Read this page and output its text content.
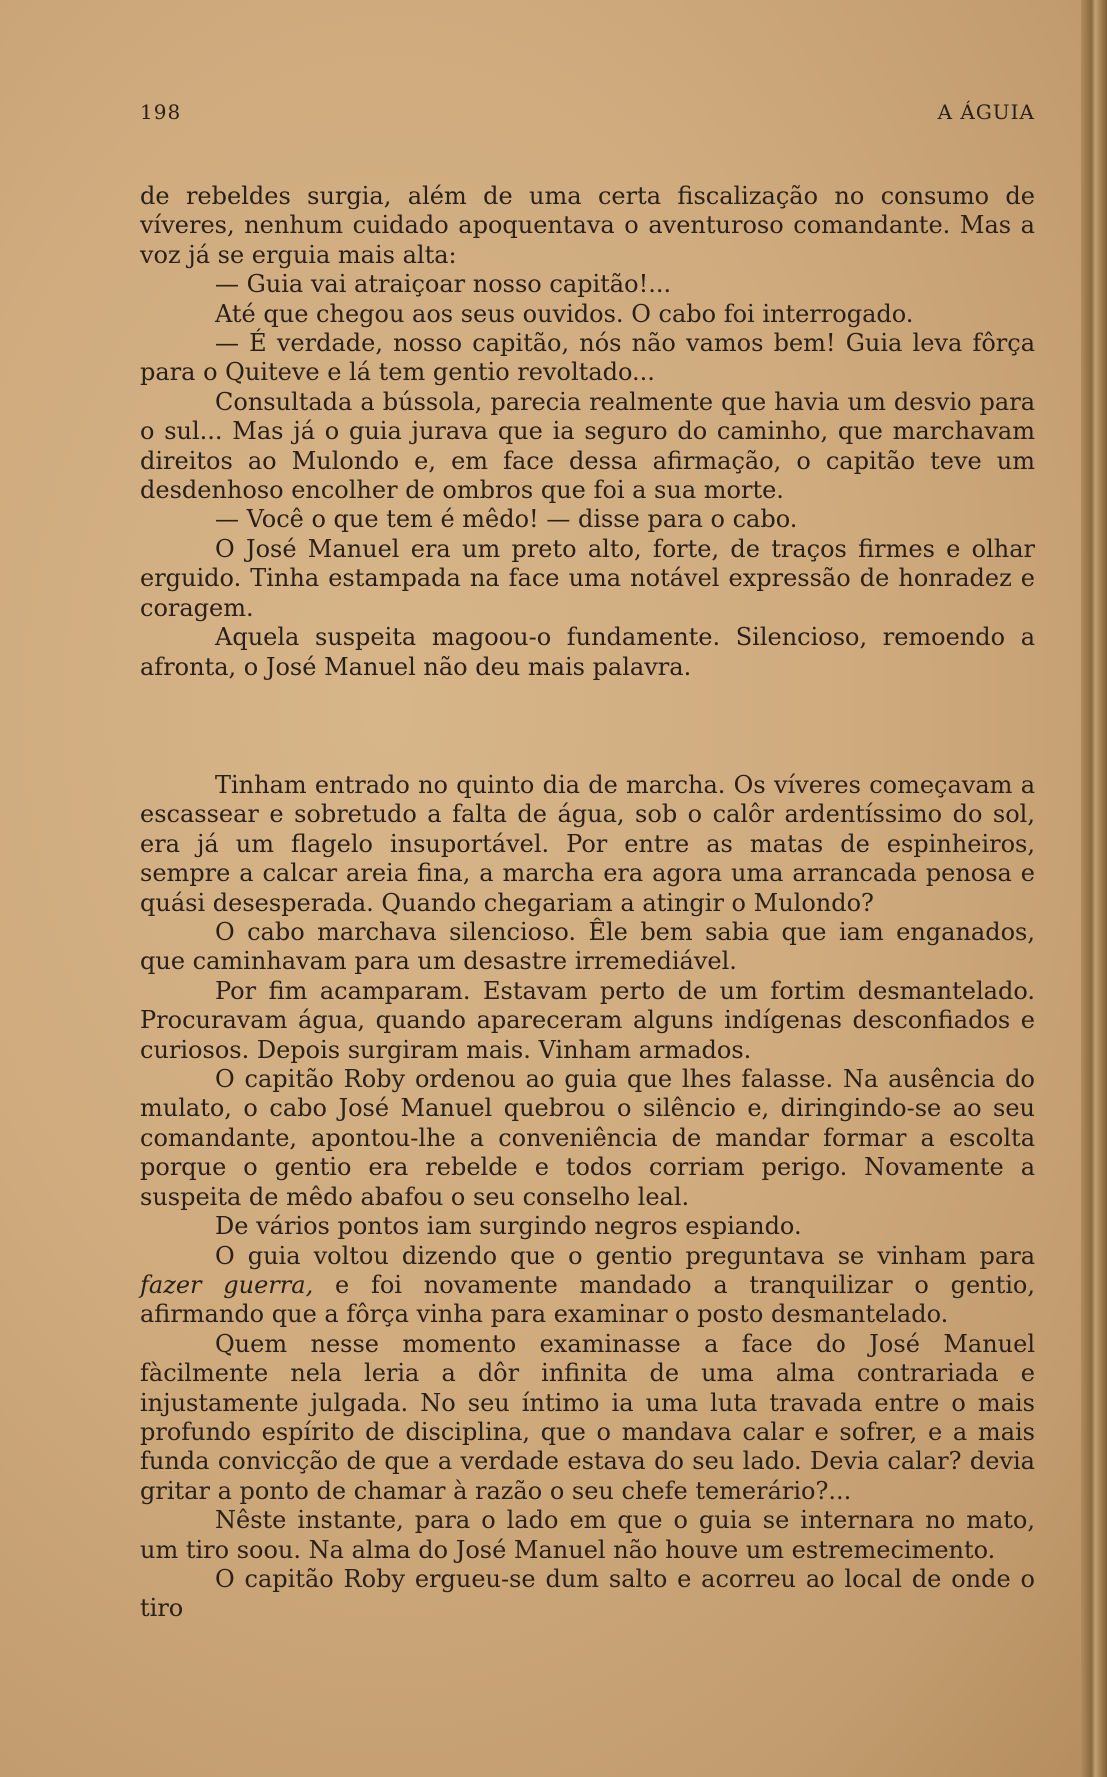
198	A ÁGUIA

de rebeldes surgia, além de uma certa fiscalização no consumo de víveres, nenhum cuidado apoquentava o aventuroso comandante. Mas a voz já se erguia mais alta:

— Guia vai atraiçoar nosso capitão!...

Até que chegou aos seus ouvidos. O cabo foi interrogado.

— É verdade, nosso capitão, nós não vamos bem! Guia leva fôrça para o Quiteve e lá tem gentio revoltado...

Consultada a bússola, parecia realmente que havia um desvio para o sul... Mas já o guia jurava que ia seguro do caminho, que marchavam direitos ao Mulondo e, em face dessa afirmação, o capitão teve um desdenhoso encolher de ombros que foi a sua morte.

— Você o que tem é mêdo! — disse para o cabo.

O José Manuel era um preto alto, forte, de traços firmes e olhar erguido. Tinha estampada na face uma notável expressão de honradez e coragem.

Aquela suspeita magoou-o fundamente. Silencioso, remoendo a afronta, o José Manuel não deu mais palavra.

Tinham entrado no quinto dia de marcha. Os víveres começavam a escassear e sobretudo a falta de água, sob o calôr ardentíssimo do sol, era já um flagelo insuportável. Por entre as matas de espinheiros, sempre a calcar areia fina, a marcha era agora uma arrancada penosa e quási desesperada. Quando chegariam a atingir o Mulondo?

O cabo marchava silencioso. Êle bem sabia que iam enganados, que caminhavam para um desastre irremediável.

Por fim acamparam. Estavam perto de um fortim desmantelado. Procuravam água, quando apareceram alguns indígenas desconfiados e curiosos. Depois surgiram mais. Vinham armados.

O capitão Roby ordenou ao guia que lhes falasse. Na ausência do mulato, o cabo José Manuel quebrou o silêncio e, diringindo-se ao seu comandante, apontou-lhe a conveniência de mandar formar a escolta porque o gentio era rebelde e todos corriam perigo. Novamente a suspeita de mêdo abafou o seu conselho leal.

De vários pontos iam surgindo negros espiando.

O guia voltou dizendo que o gentio preguntava se vinham para fazer guerra, e foi novamente mandado a tranquilizar o gentio, afirmando que a fôrça vinha para examinar o posto desmantelado.

Quem nesse momento examinasse a face do José Manuel fàcilmente nela leria a dôr infinita de uma alma contrariada e injustamente julgada. No seu íntimo ia uma luta travada entre o mais profundo espírito de disciplina, que o mandava calar e sofrer, e a mais funda convicção de que a verdade estava do seu lado. Devia calar? devia gritar a ponto de chamar à razão o seu chefe temerário?...

Nêste instante, para o lado em que o guia se internara no mato, um tiro soou. Na alma do José Manuel não houve um estremecimento.

O capitão Roby ergueu-se dum salto e acorreu ao local de onde o tiro
